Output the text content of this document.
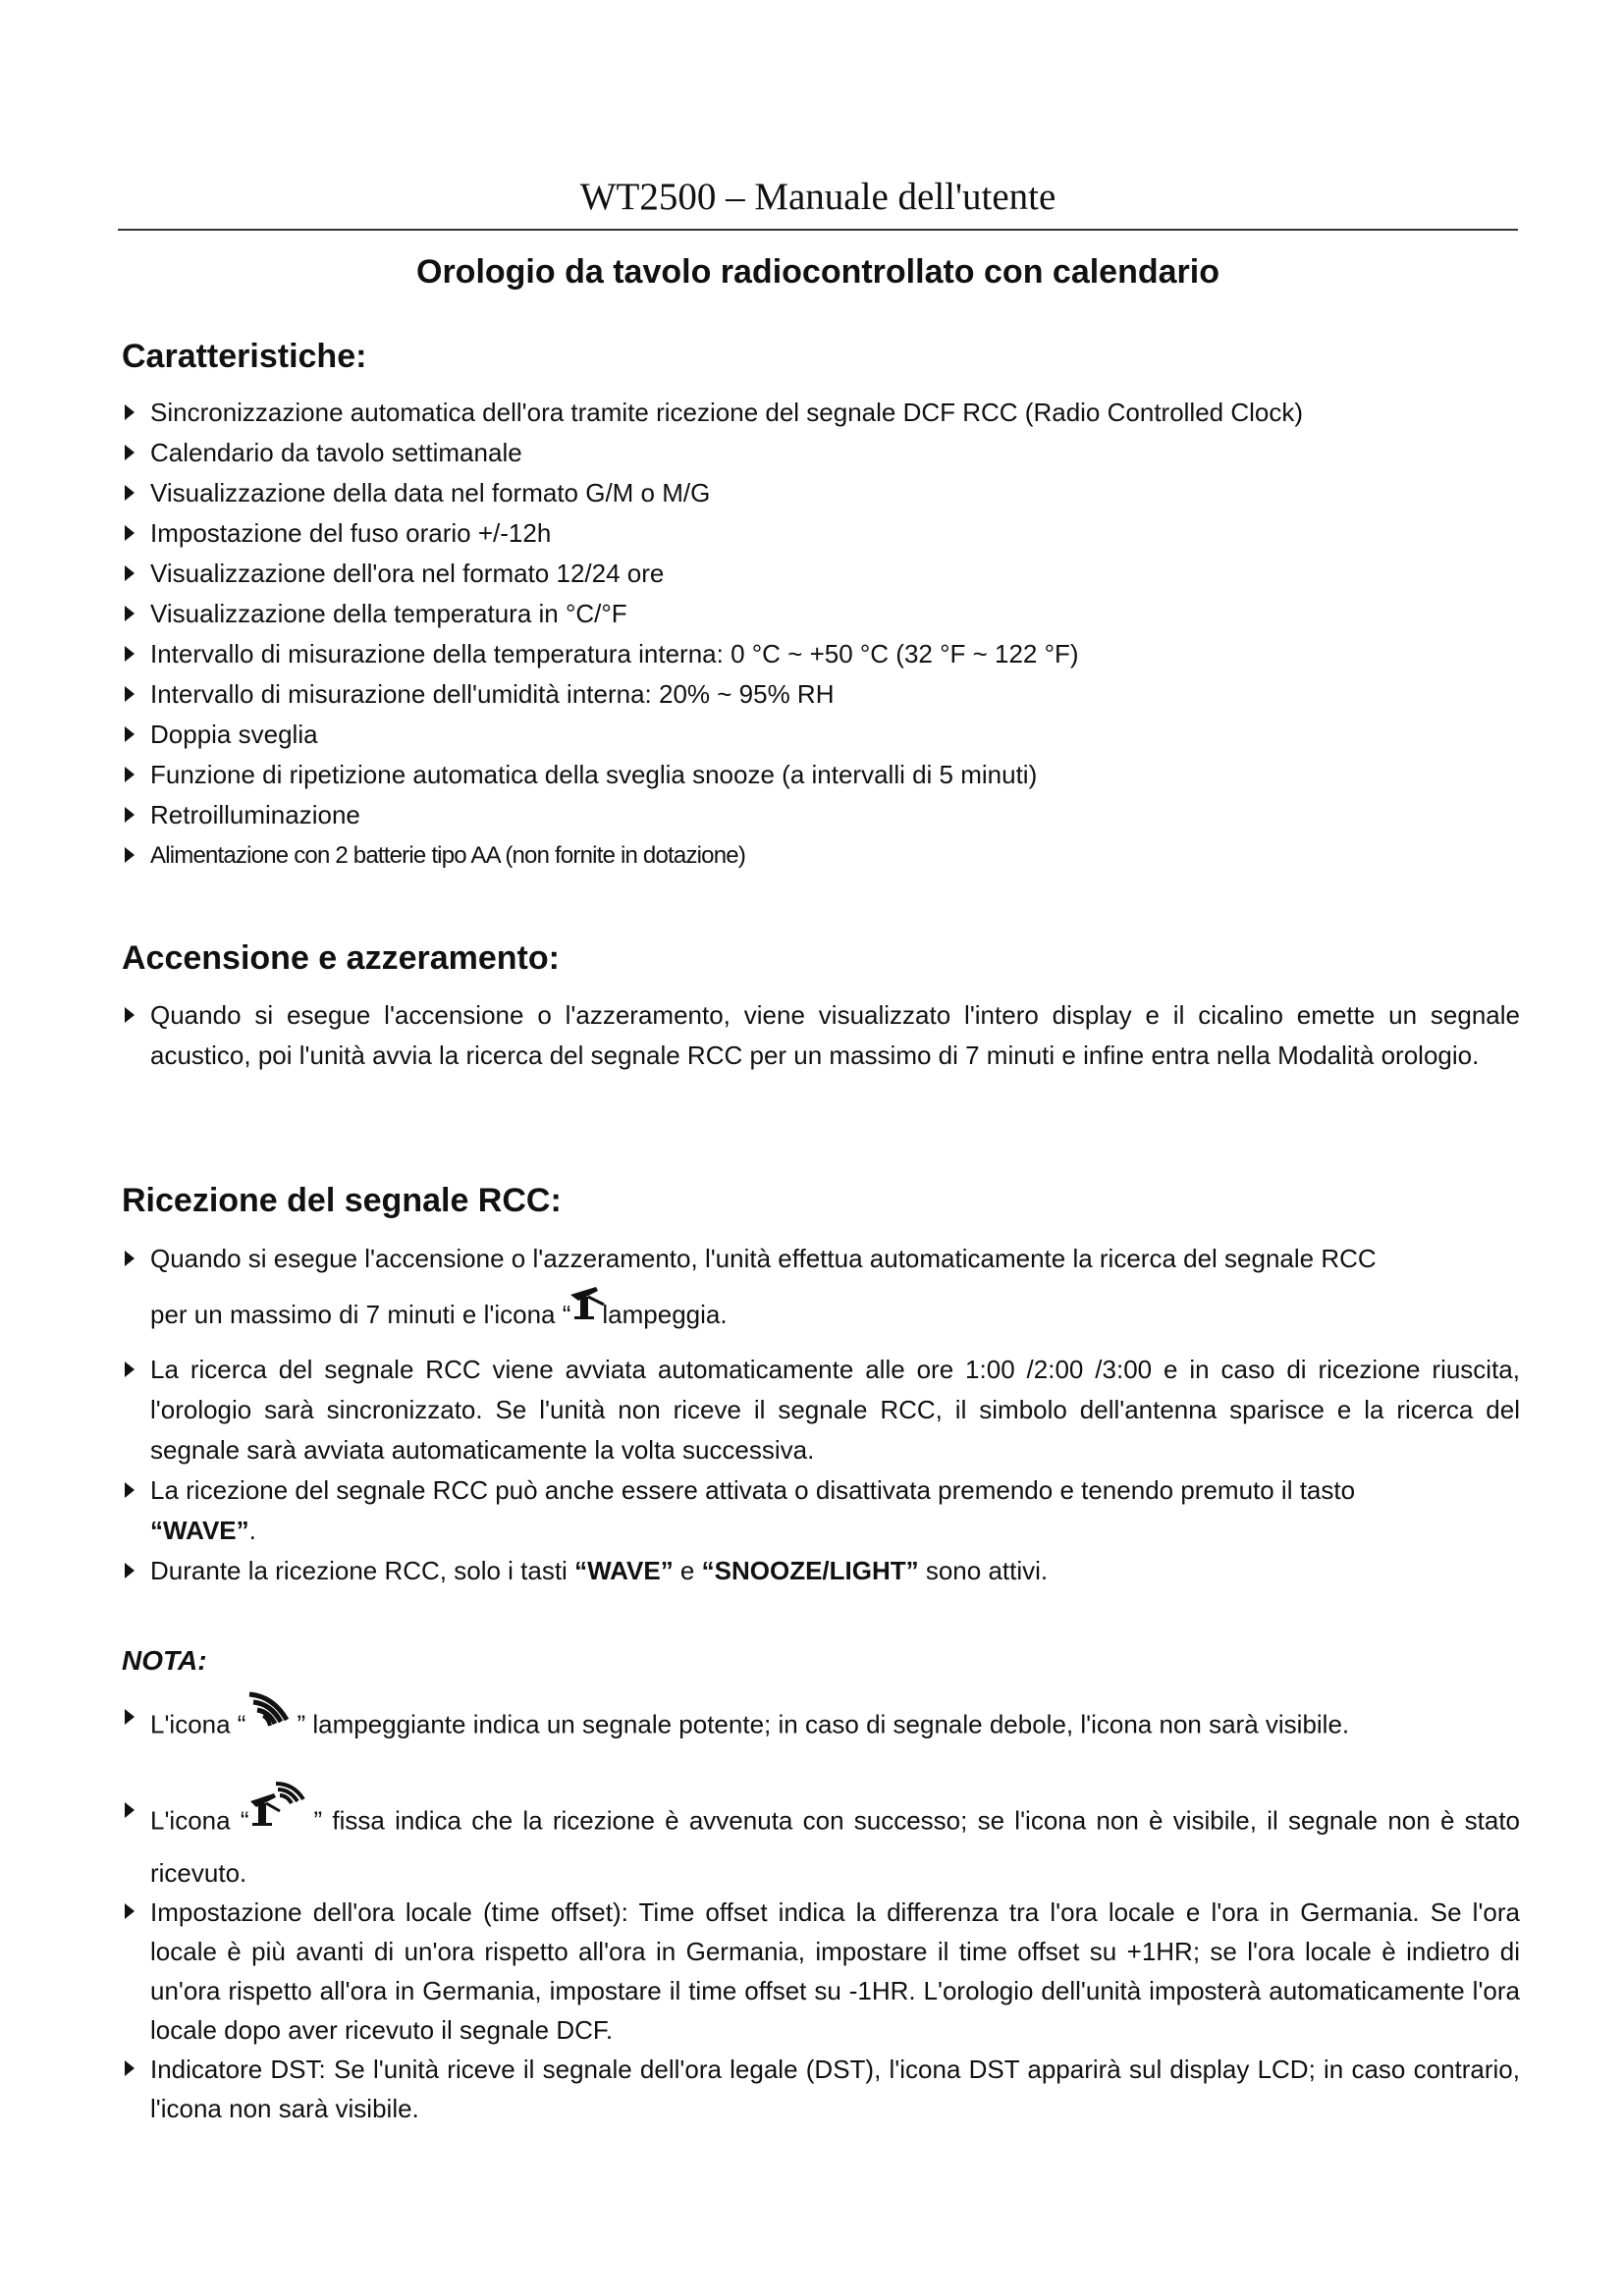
WT2500 – Manuale dell'utente
Orologio da tavolo radiocontrollato con calendario
Caratteristiche:
Sincronizzazione automatica dell'ora tramite ricezione del segnale DCF RCC (Radio Controlled Clock)
Calendario da tavolo settimanale
Visualizzazione della data nel formato G/M o M/G
Impostazione del fuso orario +/-12h
Visualizzazione dell'ora nel formato 12/24 ore
Visualizzazione della temperatura in °C/°F
Intervallo di misurazione della temperatura interna: 0 °C ~ +50 °C (32 °F ~ 122 °F)
Intervallo di misurazione dell'umidità interna: 20% ~ 95% RH
Doppia sveglia
Funzione di ripetizione automatica della sveglia snooze (a intervalli di 5 minuti)
Retroilluminazione
Alimentazione con 2 batterie tipo AA (non fornite in dotazione)
Accensione e azzeramento:
Quando si esegue l'accensione o l'azzeramento, viene visualizzato l'intero display e il cicalino emette un segnale acustico, poi l'unità avvia la ricerca del segnale RCC per un massimo di 7 minuti e infine entra nella Modalità orologio.
Ricezione del segnale RCC:
Quando si esegue l'accensione o l'azzeramento, l'unità effettua automaticamente la ricerca del segnale RCC
per un massimo di 7 minuti e l'icona “ lampeggia.
La ricerca del segnale RCC viene avviata automaticamente alle ore 1:00 /2:00 /3:00 e in caso di ricezione riuscita, l'orologio sarà sincronizzato. Se l'unità non riceve il segnale RCC, il simbolo dell'antenna sparisce e la ricerca del segnale sarà avviata automaticamente la volta successiva.
La ricezione del segnale RCC può anche essere attivata o disattivata premendo e tenendo premuto il tasto
“WAVE”.
Durante la ricezione RCC, solo i tasti “WAVE” e “SNOOZE/LIGHT” sono attivi.
NOTA:
L'icona “ ” lampeggiante indica un segnale potente; in caso di segnale debole, l'icona non sarà visibile.
L'icona “	” fissa indica che la ricezione è avvenuta con successo; se l'icona non è visibile, il segnale non è stato ricevuto.
Impostazione dell'ora locale (time offset): Time offset indica la differenza tra l'ora locale e l'ora in Germania. Se l'ora locale è più avanti di un'ora rispetto all'ora in Germania, impostare il time offset su +1HR; se l'ora locale è indietro di un'ora rispetto all'ora in Germania, impostare il time offset su -1HR. L'orologio dell'unità imposterà automaticamente l'ora locale dopo aver ricevuto il segnale DCF.
Indicatore DST: Se l'unità riceve il segnale dell'ora legale (DST), l'icona DST apparirà sul display LCD; in caso contrario, l'icona non sarà visibile.
